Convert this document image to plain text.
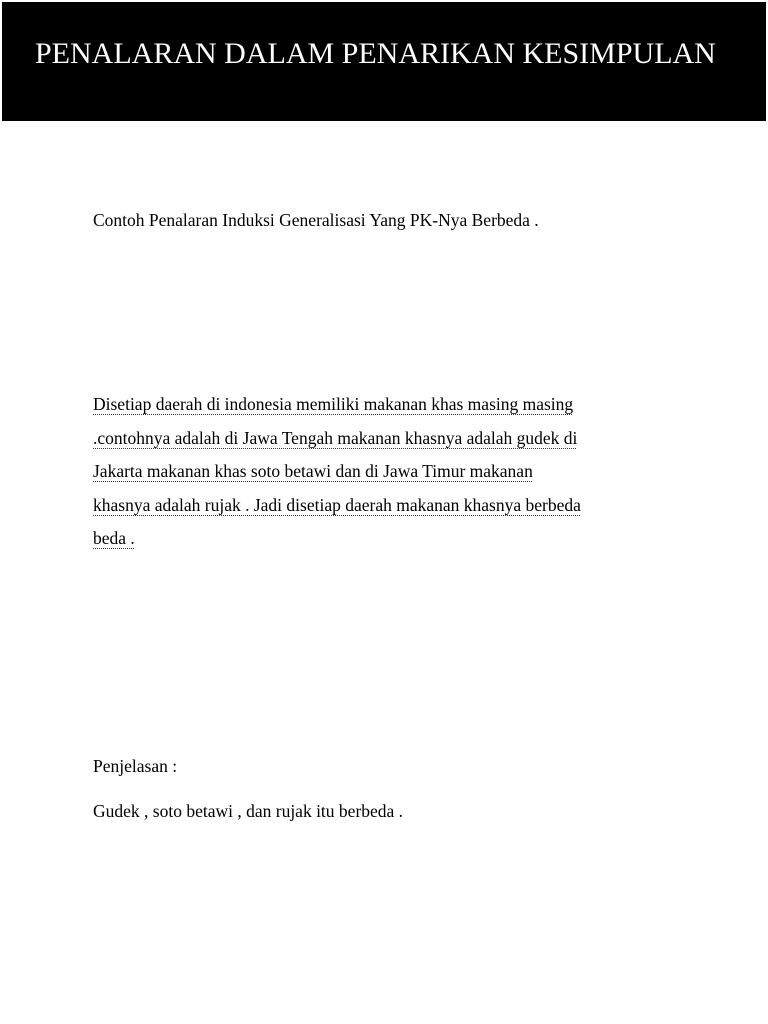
PENALARAN DALAM PENARIKAN KESIMPULAN
Contoh Penalaran Induksi Generalisasi Yang PK-Nya Berbeda .
Disetiap daerah di indonesia memiliki makanan khas masing masing
.contohnya adalah di Jawa Tengah makanan khasnya adalah gudek di
Jakarta makanan khas soto betawi dan di Jawa Timur makanan
khasnya adalah rujak . Jadi disetiap daerah makanan khasnya berbeda
beda .
Penjelasan :
Gudek , soto betawi , dan rujak itu berbeda .
